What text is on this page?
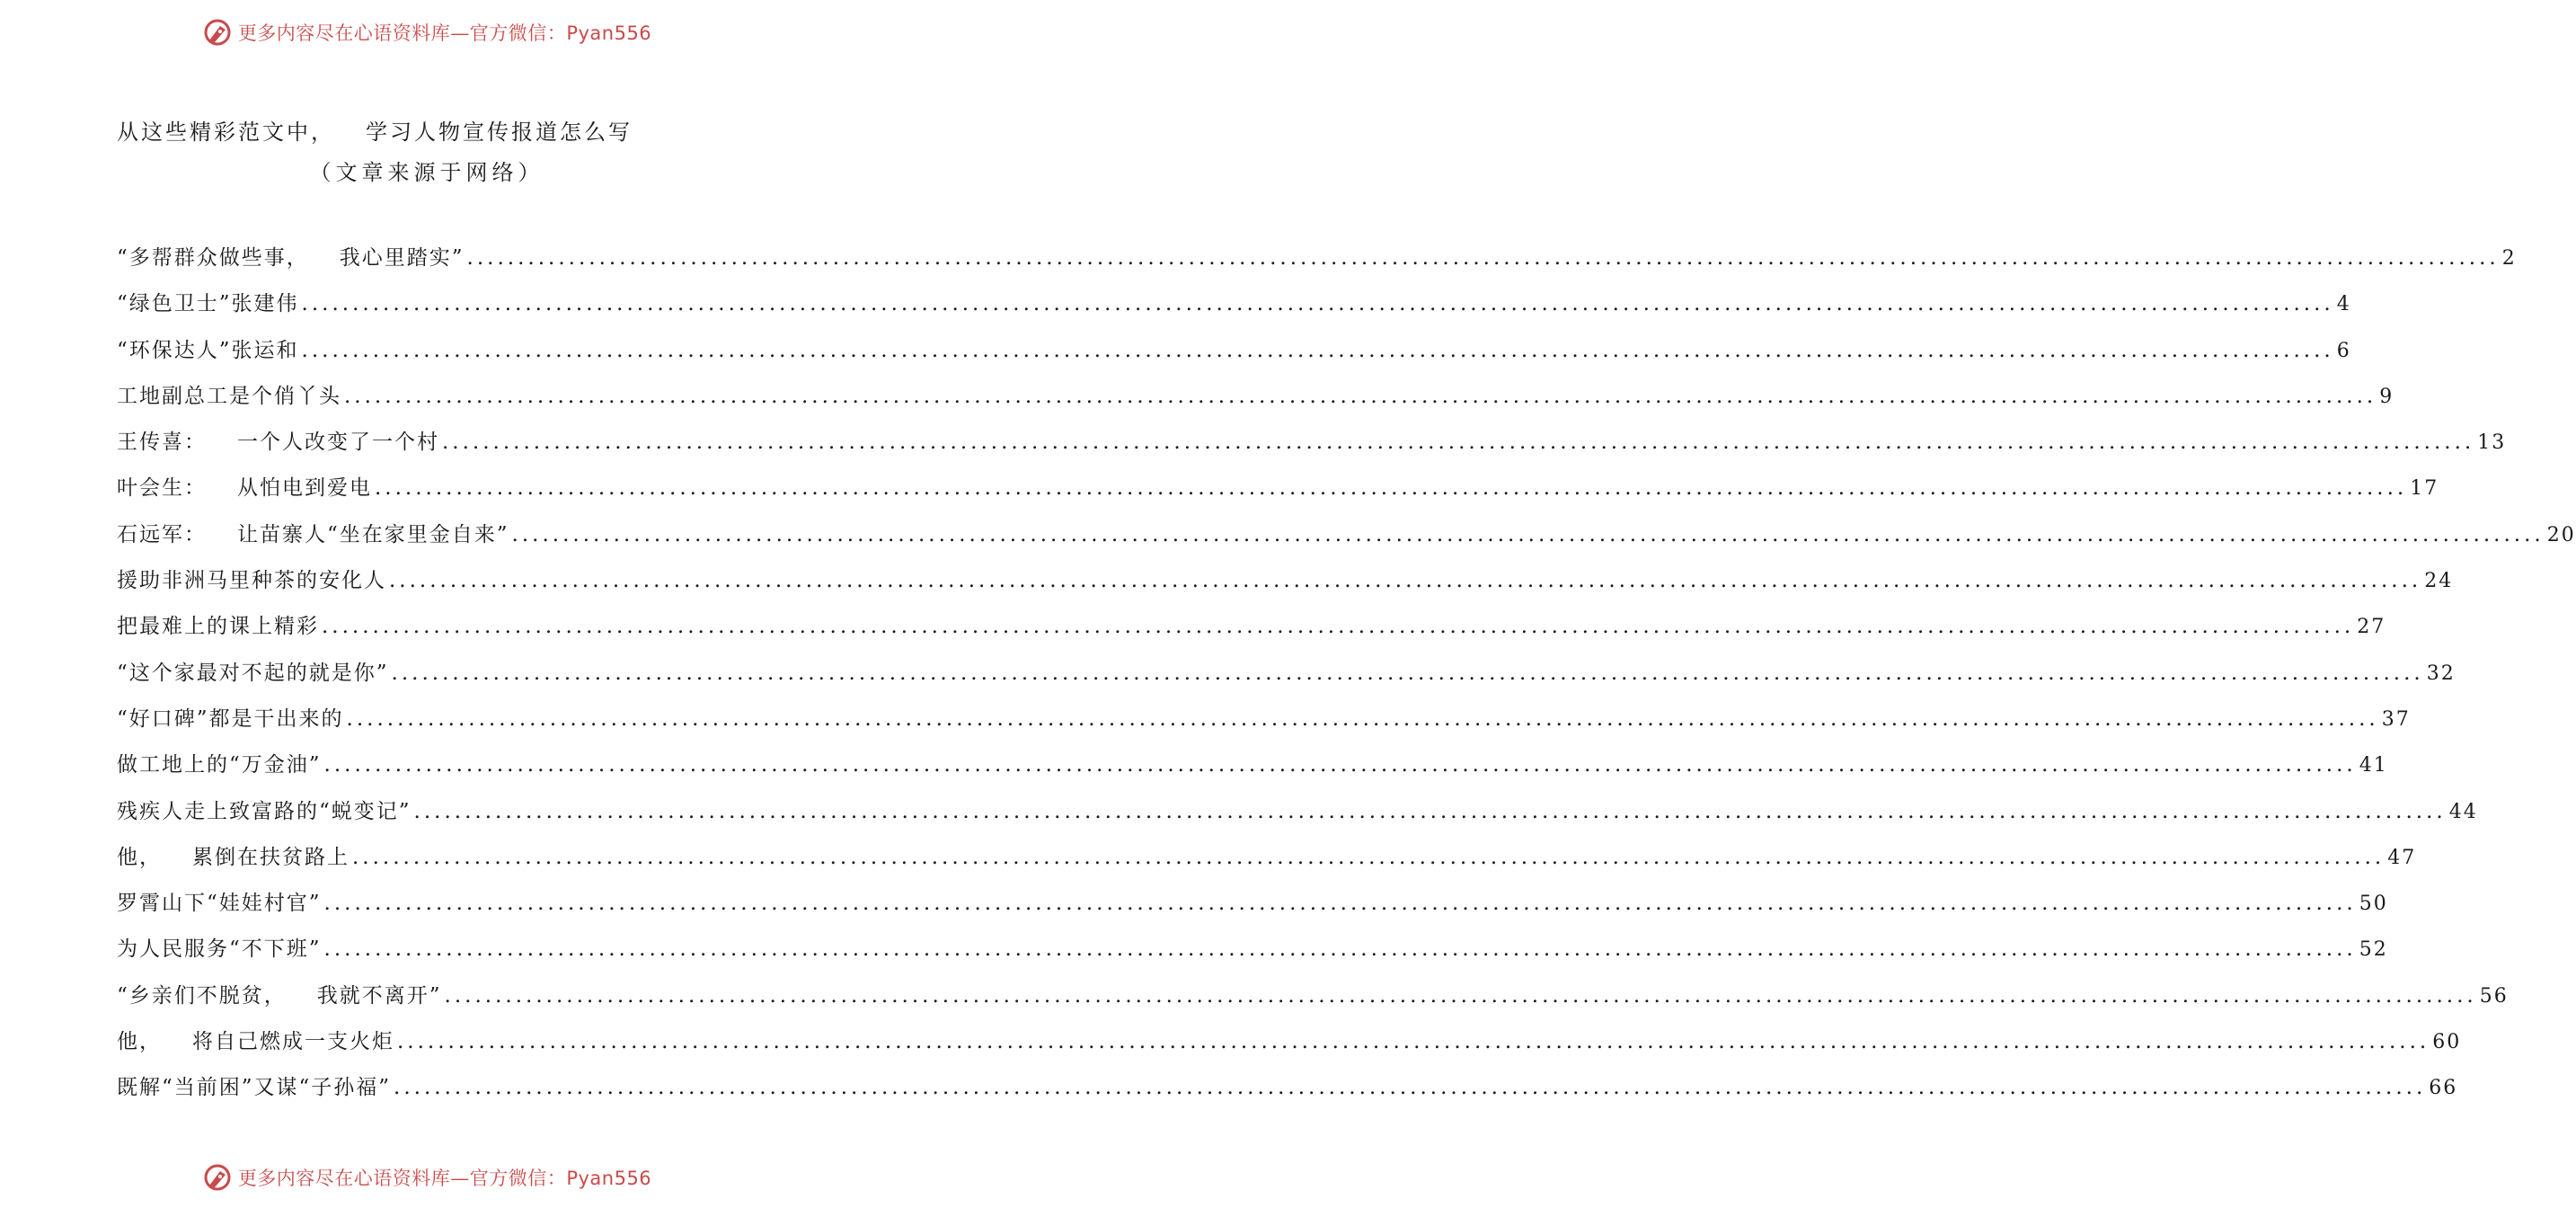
更多内容尽在心语资料库—官方微信：Pyan556
从这些精彩范文中， 学习人物宣传报道怎么写
（文章来源于网络）
“多帮群众做些事， 我心里踏实” ........................................................................................................................................................................................................ 2
“绿色卫士”张建伟 ........................................................................................................................................................................................................ 4
“环保达人”张运和 ........................................................................................................................................................................................................ 6
工地副总工是个俏丫头 ........................................................................................................................................................................................................ 9
王传喜： 一个人改变了一个村 ........................................................................................................................................................................................................ 13
叶会生： 从怕电到爱电 ........................................................................................................................................................................................................ 17
石远军： 让苗寨人“坐在家里金自来” ........................................................................................................................................................................................................ 20
援助非洲马里种茶的安化人 ........................................................................................................................................................................................................ 24
把最难上的课上精彩 ........................................................................................................................................................................................................ 27
“这个家最对不起的就是你” ........................................................................................................................................................................................................ 32
“好口碑”都是干出来的 ........................................................................................................................................................................................................ 37
做工地上的“万金油” ........................................................................................................................................................................................................ 41
残疾人走上致富路的“蜕变记” ........................................................................................................................................................................................................ 44
他， 累倒在扶贫路上 ........................................................................................................................................................................................................ 47
罗霄山下“娃娃村官” ........................................................................................................................................................................................................ 50
为人民服务“不下班” ........................................................................................................................................................................................................ 52
“乡亲们不脱贫， 我就不离开” ........................................................................................................................................................................................................ 56
他， 将自己燃成一支火炬 ........................................................................................................................................................................................................ 60
既解“当前困”又谋“子孙福” ........................................................................................................................................................................................................ 66
更多内容尽在心语资料库—官方微信：Pyan556
